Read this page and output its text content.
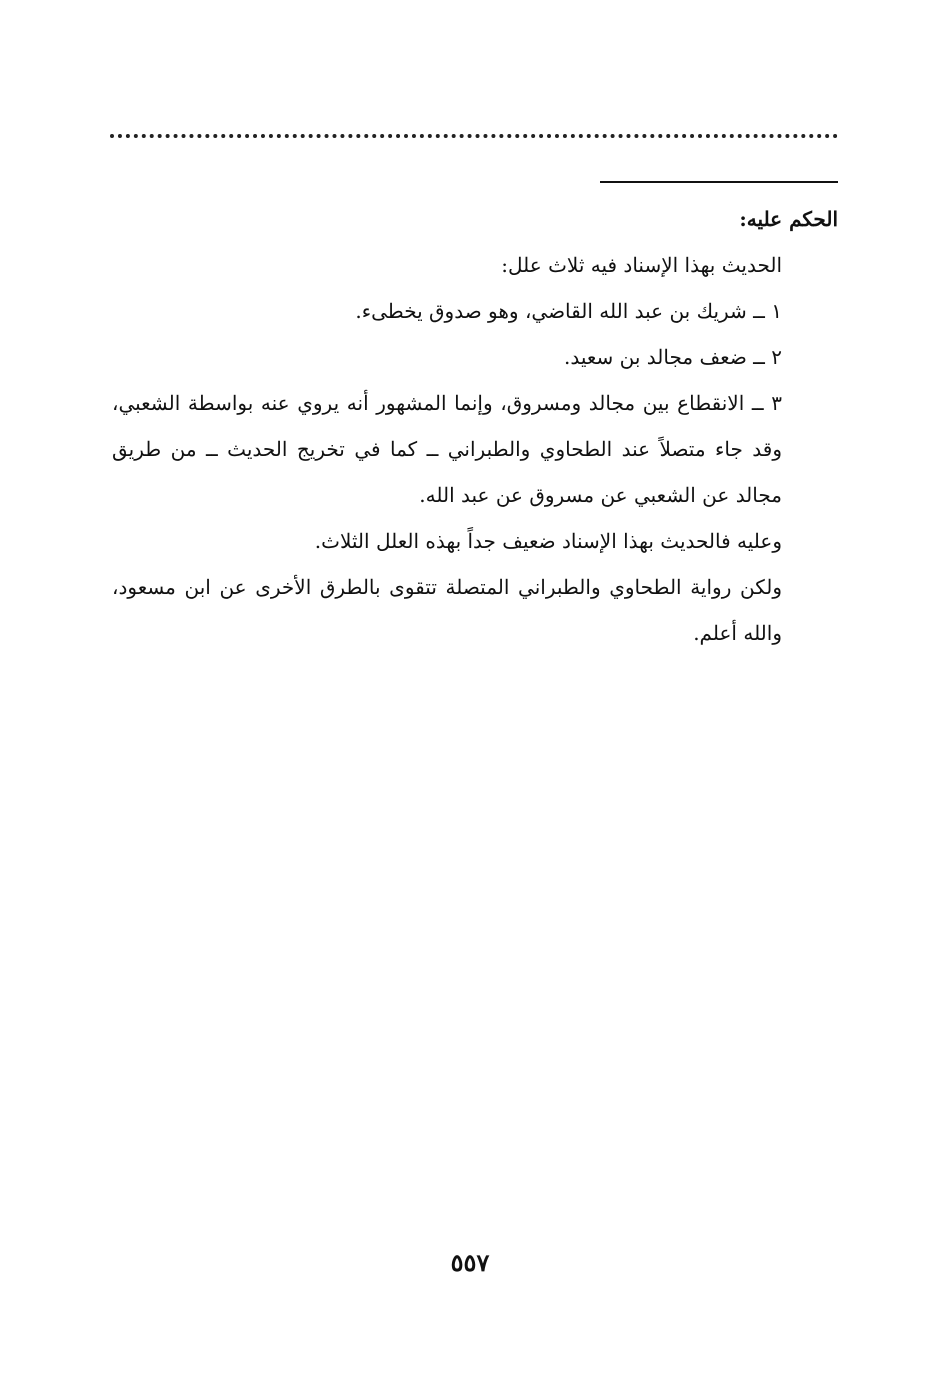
الحكم عليه:

الحديث بهذا الإسناد فيه ثلاث علل:

١ ــ شريك بن عبد الله القاضي، وهو صدوق يخطىء.

٢ ــ ضعف مجالد بن سعيد.

٣ ــ الانقطاع بين مجالد ومسروق، وإنما المشهور أنه يروي عنه بواسطة الشعبي، وقد جاء متصلاً عند الطحاوي والطبراني ــ كما في تخريج الحديث ــ من طريق مجالد عن الشعبي عن مسروق عن عبد الله.

وعليه فالحديث بهذا الإسناد ضعيف جداً بهذه العلل الثلاث.

ولكن رواية الطحاوي والطبراني المتصلة تتقوى بالطرق الأخرى عن ابن مسعود، والله أعلم.

٥٥٧
